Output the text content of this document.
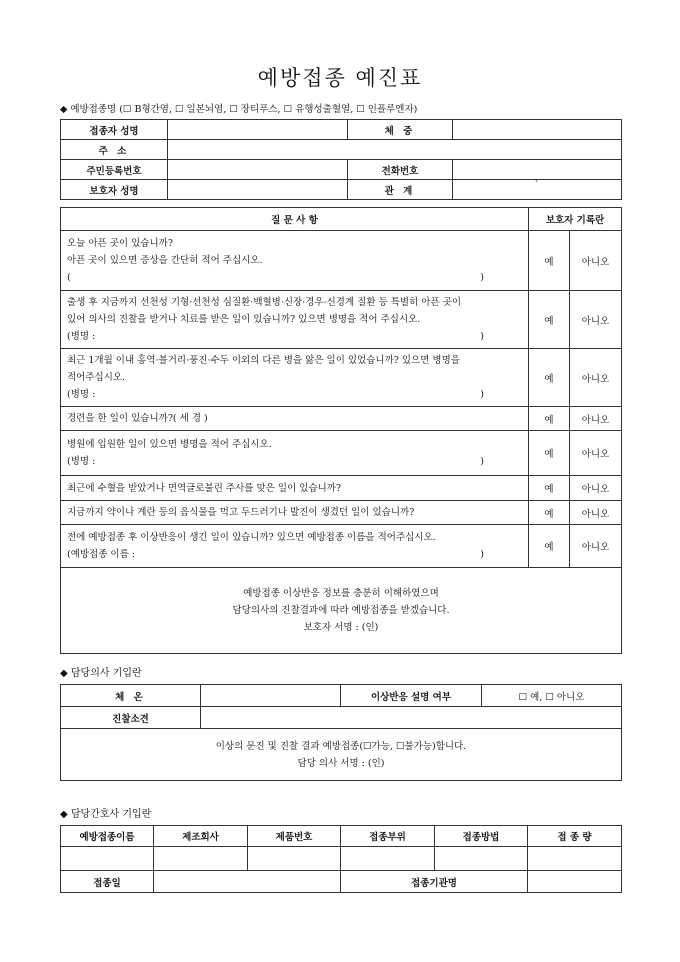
예방접종 예진표
◆ 예방접종명 (☐ B형간염, ☐ 일본뇌염, ☐ 장티푸스, ☐ 유행성출혈열, ☐ 인플루엔자)
접종자 성명		체 중	
주 소			
주민등록번호		전화번호	
보호자 성명		관 계	`
질 문 사 항	보호자 기록란	

오늘 아픈 곳이 있습니까?
아픈 곳이 있으면 증상을 간단히 적어 주십시오.
( )	예	아니오

출생 후 지금까지 선천성 기형·선천성 심질환·백혈병·신장·경우·신경계 질환 등 특별히 아픈 곳이
있어 의사의 진찰을 받거나 치료를 받은 일이 있습니까? 있으면 병명을 적어 주십시오.
(병명 : )	예	아니오

최근 1개월 이내 홍역·볼거리·풍진·수두 이외의 다른 병을 앓은 일이 있었습니까? 있으면 병명을
적어주십시오.
(병명 : )	예	아니오

경련을 한 일이 있습니까?( 세 경 )	예	아니오

병원에 입원한 일이 있으면 병명을 적어 주십시오.
(병명 : )	예	아니오

최근에 수혈을 받았거나 면역글로불린 주사를 맞은 일이 있습니까?	예	아니오

지금까지 약이나 계란 등의 음식물을 먹고 두드러기나 발진이 생겼던 일이 있습니까?	예	아니오

전에 예방접종 후 이상반응이 생긴 일이 있습니까? 있으면 예방접종 이름을 적어주십시오.
(예방접종 이름 : )	예	아니오

예방접종 이상반응 정보를 충분히 이해하였으며
담당의사의 진찰결과에 따라 예방접종을 받겠습니다.
보호자 서명 : (인)		
◆ 담당의사 기입란
체 온		이상반응 설명 여부	☐ 예, ☐ 아니오
진찰소견			

이상의 문진 및 진찰 결과 예방접종(☐가능, ☐불가능)합니다.
담당 의사 서명 : (인)			
◆ 담당간호사 기입란
예방접종이름	제조회사	제품번호	접종부위	접종방법	접 종 량

접종일			접종기관명		
